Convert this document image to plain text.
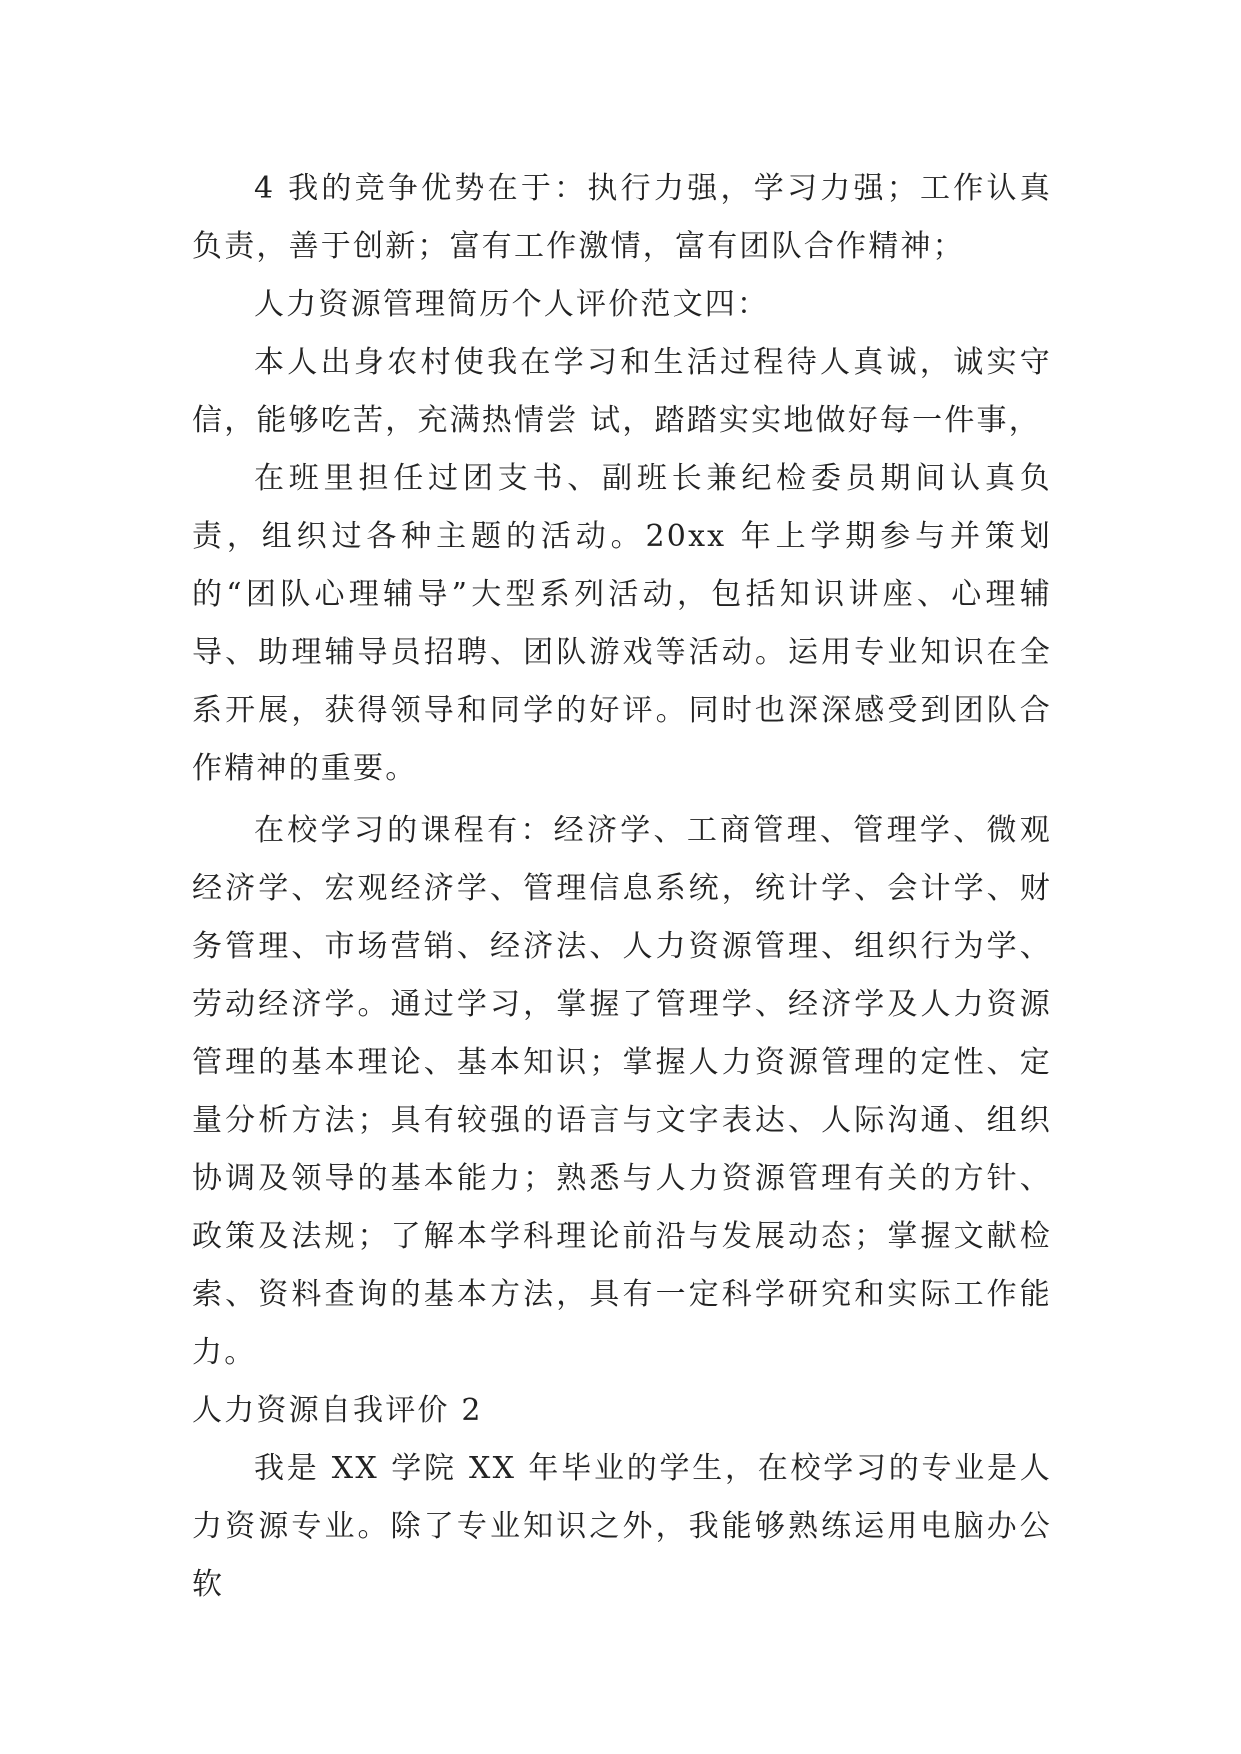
4 我的竞争优势在于：执行力强，学习力强；工作认真负责，善于创新；富有工作激情，富有团队合作精神；

人力资源管理简历个人评价范文四：

本人出身农村使我在学习和生活过程待人真诚，诚实守信，能够吃苦，充满热情尝 试，踏踏实实地做好每一件事，

在班里担任过团支书、副班长兼纪检委员期间认真负责，组织过各种主题的活动。20xx 年上学期参与并策划的“团队心理辅导”大型系列活动，包括知识讲座、心理辅导、助理辅导员招聘、团队游戏等活动。运用专业知识在全系开展，获得领导和同学的好评。同时也深深感受到团队合作精神的重要。

在校学习的课程有：经济学、工商管理、管理学、微观经济学、宏观经济学、管理信息系统，统计学、会计学、财务管理、市场营销、经济法、人力资源管理、组织行为学、劳动经济学。通过学习，掌握了管理学、经济学及人力资源管理的基本理论、基本知识；掌握人力资源管理的定性、定量分析方法；具有较强的语言与文字表达、人际沟通、组织协调及领导的基本能力；熟悉与人力资源管理有关的方针、政策及法规；了解本学科理论前沿与发展动态；掌握文献检索、资料查询的基本方法，具有一定科学研究和实际工作能力。

人力资源自我评价 2

我是 XX 学院 XX 年毕业的学生，在校学习的专业是人力资源专业。除了专业知识之外，我能够熟练运用电脑办公软
